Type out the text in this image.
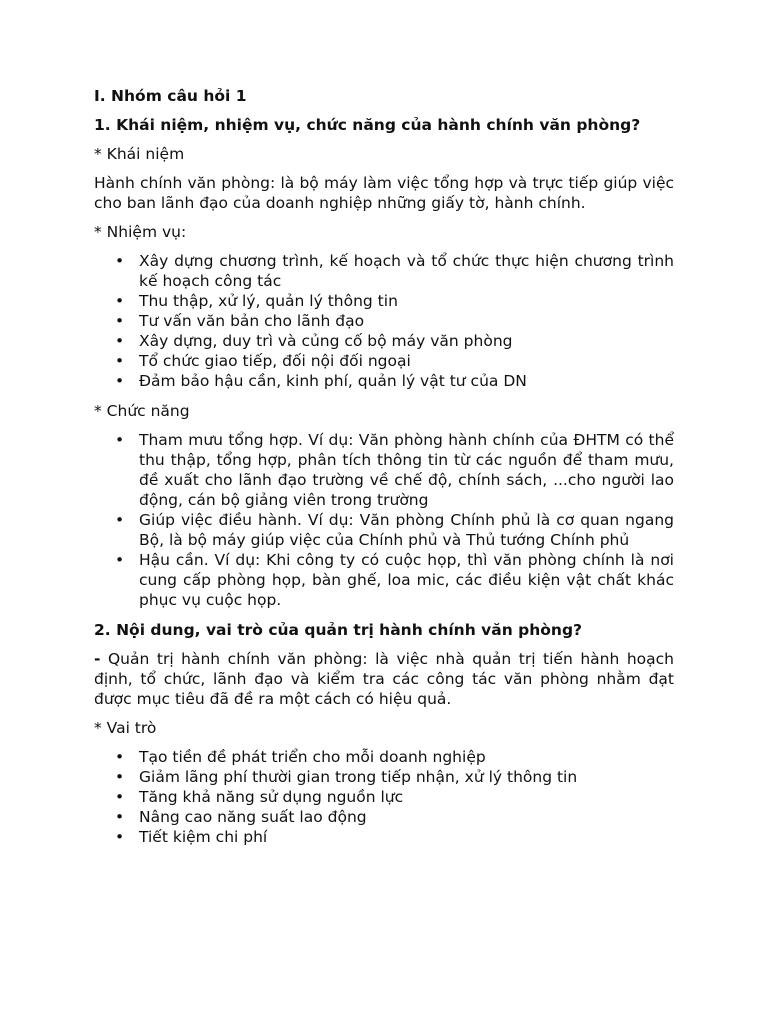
I. Nhóm câu hỏi 1
1. Khái niệm, nhiệm vụ, chức năng của hành chính văn phòng?
* Khái niệm

Hành chính văn phòng: là bộ máy làm việc tổng hợp và trực tiếp giúp việc cho ban lãnh đạo của doanh nghiệp những giấy tờ, hành chính.

* Nhiệm vụ:
• Xây dựng chương trình, kế hoạch và tổ chức thực hiện chương trình kế hoạch công tác
• Thu thập, xử lý, quản lý thông tin
• Tư vấn văn bản cho lãnh đạo
• Xây dựng, duy trì và củng cố bộ máy văn phòng
• Tổ chức giao tiếp, đối nội đối ngoại
• Đảm bảo hậu cần, kinh phí, quản lý vật tư của DN
* Chức năng
• Tham mưu tổng hợp. Ví dụ: Văn phòng hành chính của ĐHTM có thể thu thập, tổng hợp, phân tích thông tin từ các nguồn để tham mưu, đề xuất cho lãnh đạo trường về chế độ, chính sách, ...cho người lao động, cán bộ giảng viên trong trường
• Giúp việc điều hành. Ví dụ: Văn phòng Chính phủ là cơ quan ngang Bộ, là bộ máy giúp việc của Chính phủ và Thủ tướng Chính phủ
• Hậu cần. Ví dụ: Khi công ty có cuộc họp, thì văn phòng chính là nơi cung cấp phòng họp, bàn ghế, loa mic, các điều kiện vật chất khác phục vụ cuộc họp.
2. Nội dung, vai trò của quản trị hành chính văn phòng?

- Quản trị hành chính văn phòng: là việc nhà quản trị tiến hành hoạch định, tổ chức, lãnh đạo và kiểm tra các công tác văn phòng nhằm đạt được mục tiêu đã đề ra một cách có hiệu quả.

* Vai trò
• Tạo tiền đề phát triển cho mỗi doanh nghiệp
• Giảm lãng phí thười gian trong tiếp nhận, xử lý thông tin
• Tăng khả năng sử dụng nguồn lực
• Nâng cao năng suất lao động
• Tiết kiệm chi phí
